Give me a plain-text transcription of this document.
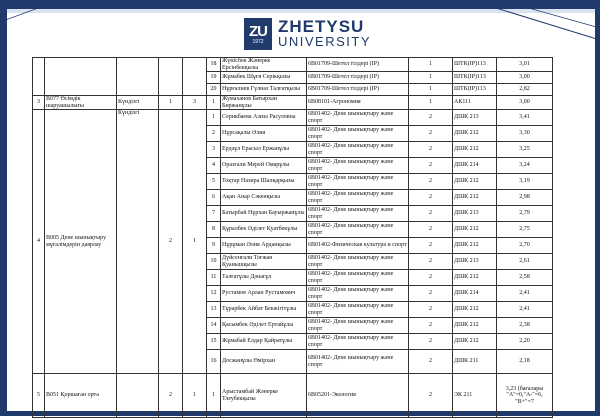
ZU
1972
ZHETYSU
UNIVERSITY
					18	Жүнісбек Жәнерке Ерсінбекқызы	6В01709-Шетел тілдері (IP)	1	ШТК(IP)113	3,01
					19	Жұмабек Шұғя Серікқызы	6В01709-Шетел тілдері (IP)	1	ШТК(IP)113	3,00
					20	Нұрғалиев Гүлназ Талғатқызы	6В01709-Шетел тілдері (IP)	1	ШТК(IP)113	2,82
3	В077 Өсімдік шаруашылығы	Күндізгі	1	3	1	Жумаханов Батырхан Биржанұлы	6В08101-Агрономия	1	АК111	3,00
4	В005 Дене шынықтыру мұғалімдерін даярлау	Күндізгі	2	1	1	Серикбаева Азиза Расуловна	6В01402- Дене шынықтыру және спорт	2	ДШК 213	3,41
					2	Нұрсақалы Әлия	6В01402- Дене шынықтыру және спорт	2	ДШК 212	3,30
					3	Ердәұл Ерасыл Ержанұлы	6В01402- Дене шынықтыру және спорт	2	ДШК 212	3,25
					4	Оразғали Мерей Омарұлы	6В01402- Дене шынықтыру және спорт	2	ДШК 214	3,24
					5	Тоқтар Назира Шалқарқызы	6В01402- Дене шынықтыру және спорт	2	ДШК 212	3,19
					6	Ақан Анар Сәкенқызы	6В01402- Дене шынықтыру және спорт	2	ДШК 212	2,98
					7	Батырбай Нұрхан Бауыржанұлы	6В01402- Дене шынықтыру және спорт	2	ДШК 213	2,79
					8	Құралбек Әділет Қуатбекұлы	6В01402- Дене шынықтыру және спорт	2	ДШК 212	2,75
					9	Нұрұман Әлия Арданқызы	6В01402-Физическая культура и спорт	2	ДШК 212	2,70
					10	Дүйсенғали Тоғжан Қуанышқызы	6В01402- Дене шынықтыру және спорт	2	ДШК 213	2,61
					11	Талғатұлы Дәнағұл	6В01402- Дене шынықтыру және спорт	2	ДШК 212	2,58
					12	Рустамов Арлан Рустамович	6В01402- Дене шынықтыру және спорт	2	ДШК 214	2,41
					13	Тұрарбек Айбат Бекжігітұлы	6В01402- Дене шынықтыру және спорт	2	ДШК 212	2,41
					14	Қасымбек Әділет Ертайұлы	6В01402- Дене шынықтыру және спорт	2	ДШК 212	2,38
					15	Жұмабай Елдар Қайратұлы	6В01402- Дене шынықтыру және спорт	2	ДШК 212	2,20
					16	Досжанұлы Өмірхан	6В01402- Дене шынықтыру және спорт	2	ДШК 211	2,18
5	В051 Қоршаған орта		2	1	1	Арыстамбай Жәнерке Тлеубекқызы	6В05201-Экология	2	ЭК 211	3,23 (бағалары "A"=0,"A-"=6, "B+"=7
